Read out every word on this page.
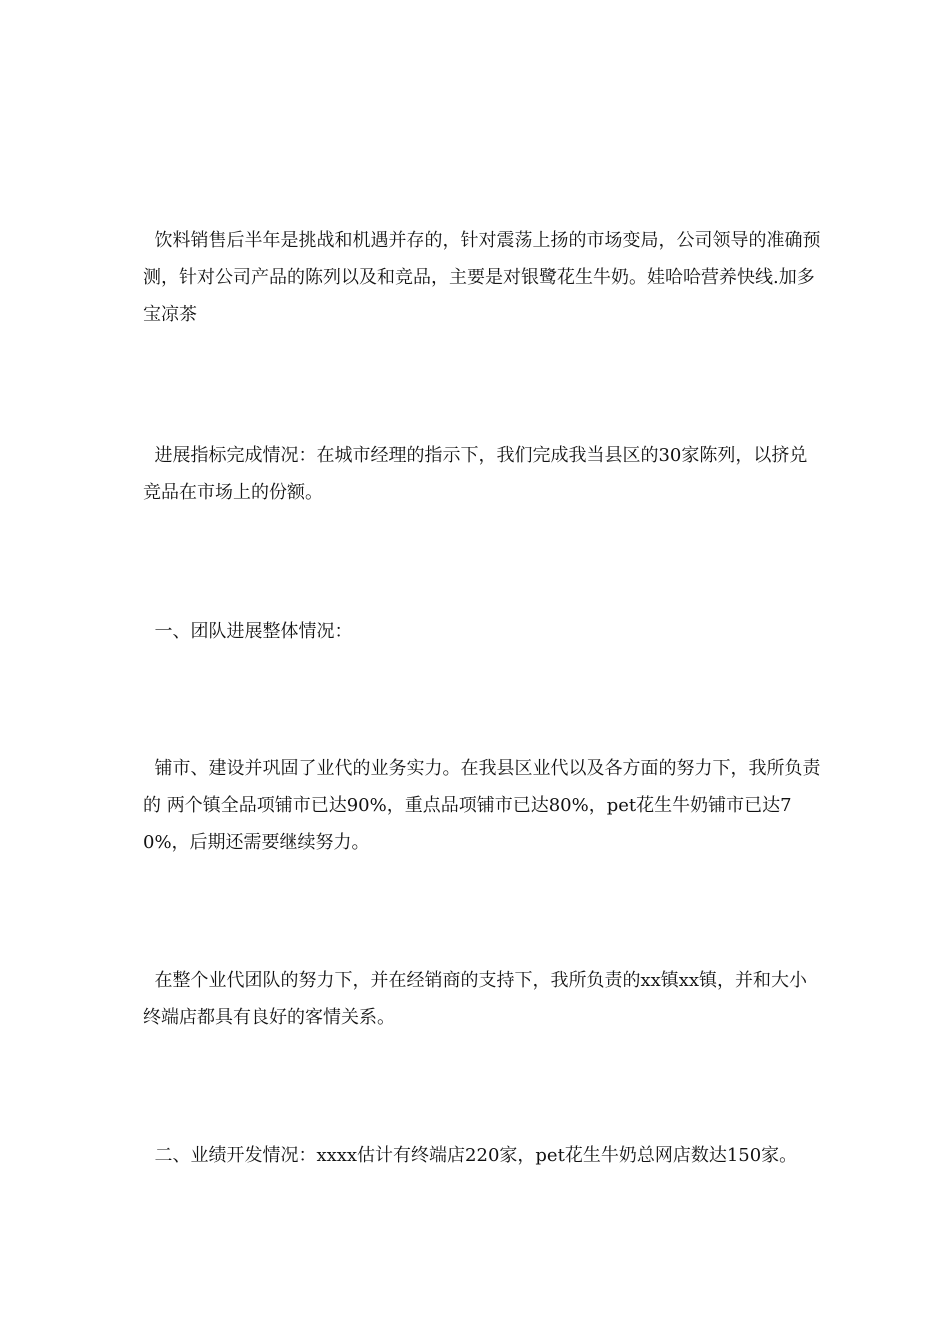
饮料销售后半年是挑战和机遇并存的，针对震荡上扬的市场变局，公司领导的准确预测，针对公司产品的陈列以及和竞品，主要是对银鹭花生牛奶。娃哈哈营养快线.加多宝凉茶

进展指标完成情况：在城市经理的指示下，我们完成我当县区的30家陈列，以挤兑竞品在市场上的份额。

一、团队进展整体情况：

铺市、建设并巩固了业代的业务实力。在我县区业代以及各方面的努力下，我所负责的 两个镇全品项铺市已达90%，重点品项铺市已达80%，pet花生牛奶铺市已达70%，后期还需要继续努力。

在整个业代团队的努力下，并在经销商的支持下，我所负责的xx镇xx镇，并和大小终端店都具有良好的客情关系。

二、业绩开发情况：xxxx估计有终端店220家，pet花生牛奶总网店数达150家。
